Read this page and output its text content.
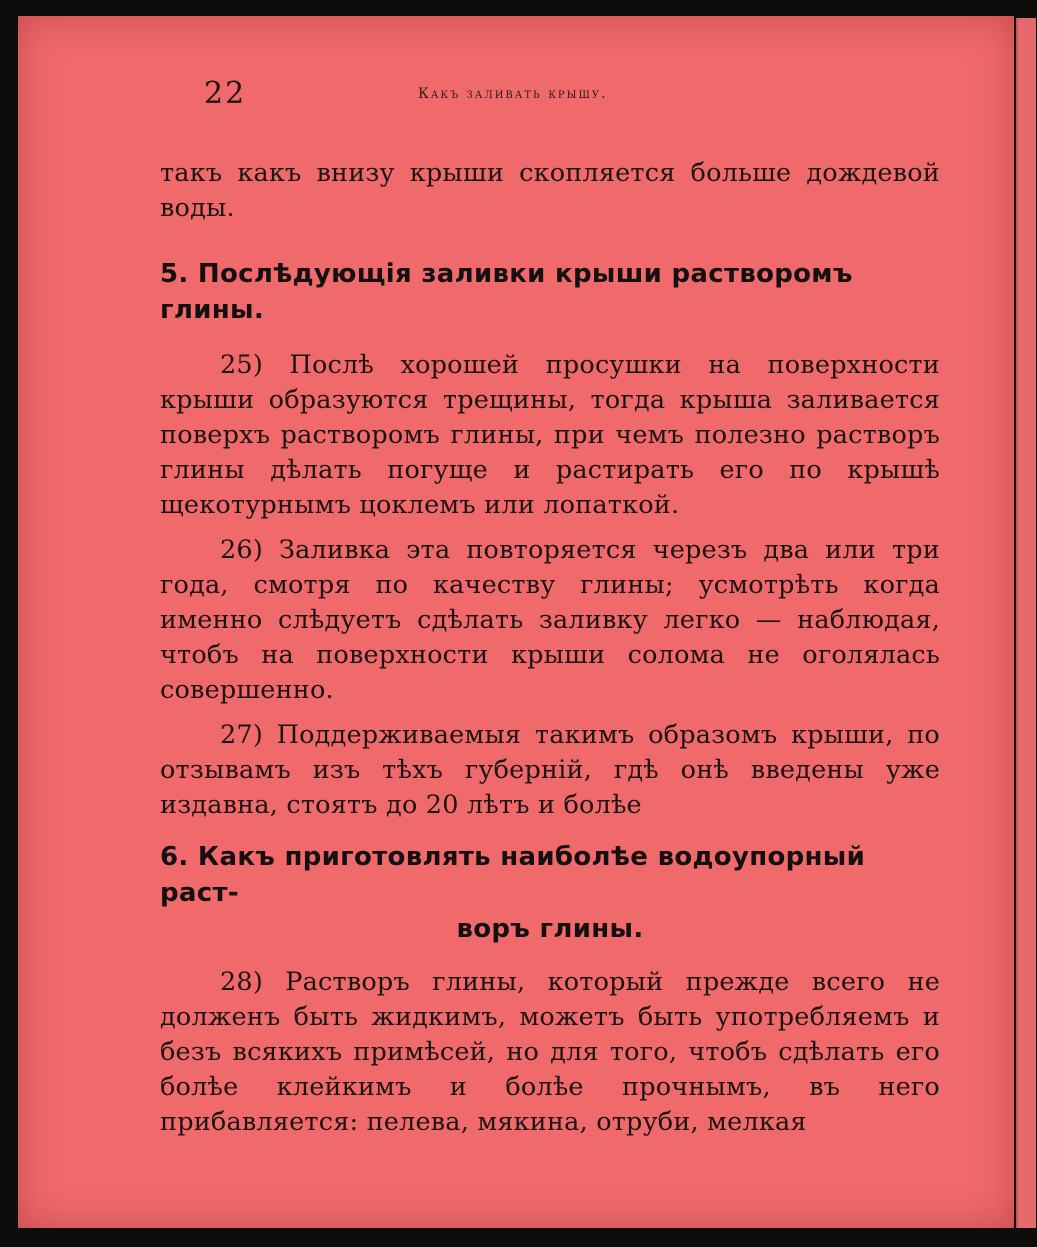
22	Какъ заливать крышу.

такъ какъ внизу крыши скопляется больше дождевой воды.

5. Послѣдующія заливки крыши растворомъ глины.

25) Послѣ хорошей просушки на поверхности крыши образуются трещины, тогда крыша заливается поверхъ растворомъ глины, при чемъ полезно растворъ глины дѣлать погуще и растирать его по крышѣ щекотурнымъ цоклемъ или лопаткой.

26) Заливка эта повторяется черезъ два или три года, смотря по качеству глины; усмотрѣть когда именно слѣдуетъ сдѣлать заливку легко — наблюдая, чтобъ на поверхности крыши солома не оголялась совершенно.

27) Поддерживаемыя такимъ образомъ крыши, по отзывамъ изъ тѣхъ губерній, гдѣ онѣ введены уже издавна, стоятъ до 20 лѣтъ и болѣе

6. Какъ приготовлять наиболѣе водоупорный раст-
воръ глины.

28) Растворъ глины, который прежде всего не долженъ быть жидкимъ, можетъ быть употребляемъ и безъ всякихъ примѣсей, но для того, чтобъ сдѣлать его болѣе клейкимъ и болѣе прочнымъ, въ него прибавляется: пелева, мякина, отруби, мелкая
